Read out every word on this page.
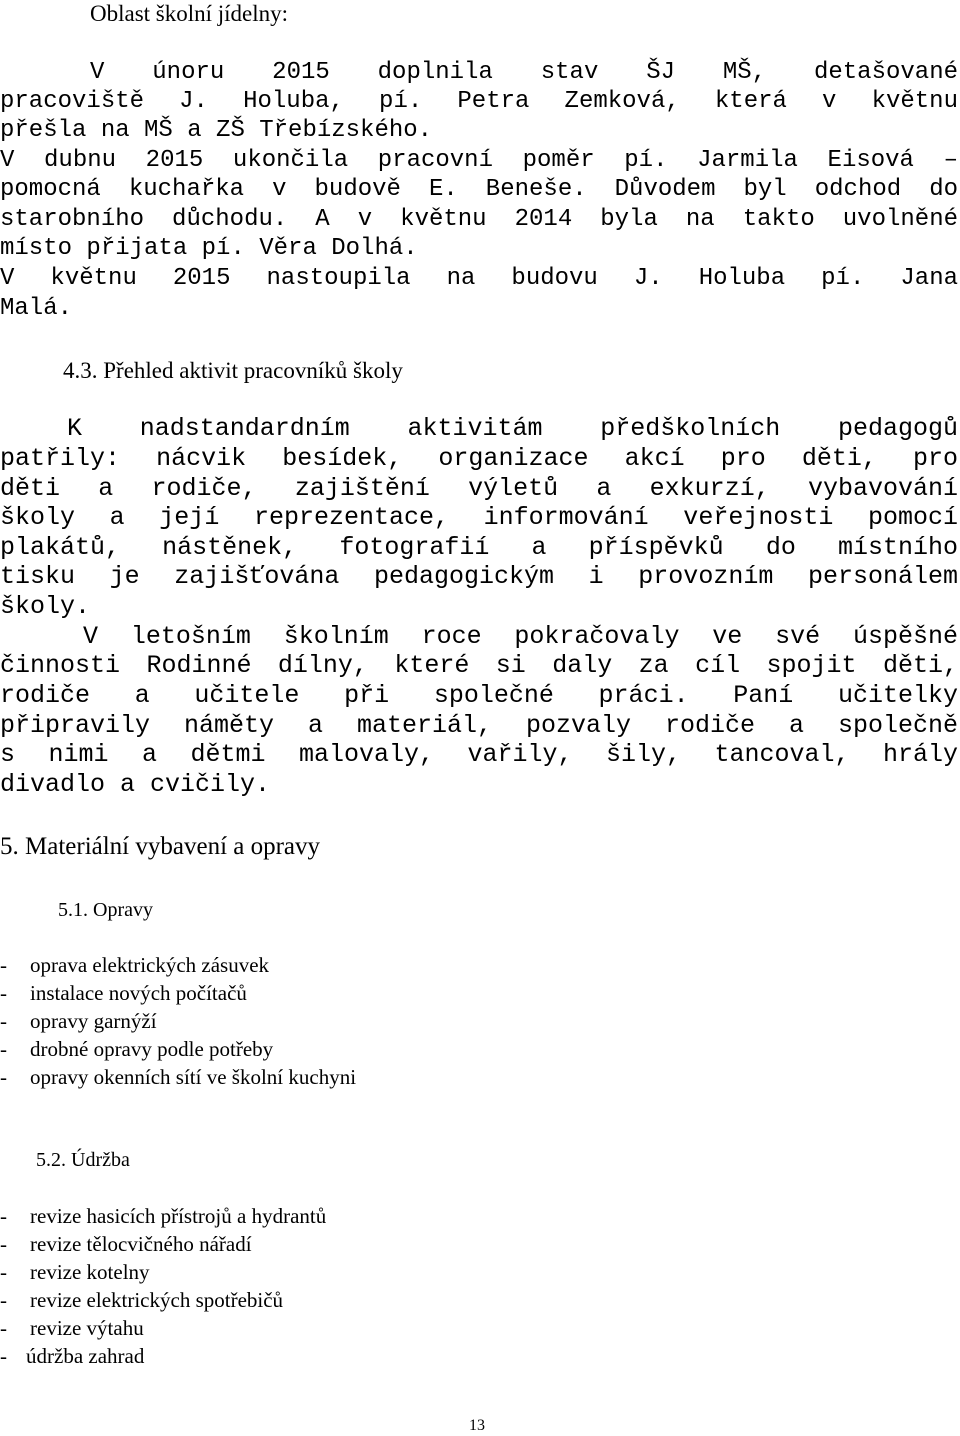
Oblast školní jídelny:
V únoru 2015 doplnila stav ŠJ MŠ, detašované
pracoviště J. Holuba, pí. Petra Zemková, která v květnu
přešla na MŠ a ZŠ Třebízského.
V dubnu 2015 ukončila pracovní poměr pí. Jarmila Eisová –
pomocná kuchařka v budově E. Beneše. Důvodem byl odchod do
starobního důchodu. A v květnu 2014 byla na takto uvolněné
místo přijata pí. Věra Dolhá.
V květnu 2015 nastoupila na budovu J. Holuba pí. Jana
Malá.
4.3. Přehled aktivit pracovníků školy
K nadstandardním aktivitám předškolních pedagogů
patřily: nácvik besídek, organizace akcí pro děti, pro
děti a rodiče, zajištění výletů a exkurzí, vybavování
školy a její reprezentace, informování veřejnosti pomocí
plakátů, nástěnek, fotografií a příspěvků do místního
tisku je zajišťována pedagogickým i provozním personálem
školy.
V letošním školním roce pokračovaly ve své úspěšné
činnosti Rodinné dílny, které si daly za cíl spojit děti,
rodiče a učitele při společné práci. Paní učitelky
připravily náměty a materiál, pozvaly rodiče a společně
s nimi a dětmi malovaly, vařily, šily, tancoval, hrály
divadlo a cvičily.
5. Materiální vybavení a opravy
5.1. Opravy
- oprava elektrických zásuvek
- instalace nových počítačů
- opravy garnýží
- drobné opravy podle potřeby
- opravy okenních sítí ve školní kuchyni
5.2. Údržba
- revize hasicích přístrojů a hydrantů
- revize tělocvičného nářadí
- revize kotelny
- revize elektrických spotřebičů
- revize výtahu
- údržba zahrad
13
